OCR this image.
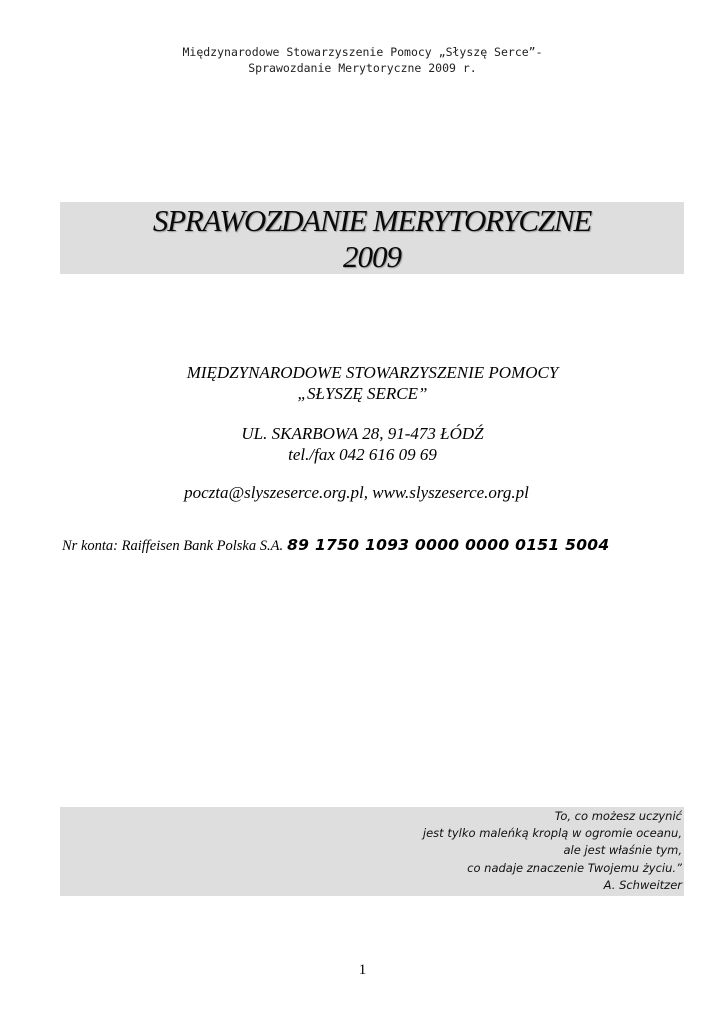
Międzynarodowe Stowarzyszenie Pomocy „Słyszę Serce”-
Sprawozdanie Merytoryczne 2009 r.
SPRAWOZDANIE MERYTORYCZNE
2009
MIĘDZYNARODOWE STOWARZYSZENIE POMOCY
„SŁYSZĘ SERCE”
UL. SKARBOWA 28, 91-473 ŁÓDŹ
tel./fax 042 616 09 69
poczta@slyszeserce.org.pl, www.slyszeserce.org.pl
Nr konta: Raiffeisen Bank Polska S.A. 89 1750 1093 0000 0000 0151 5004
To, co możesz uczynić
jest tylko maleńką kroplą w ogromie oceanu,
ale jest właśnie tym,
co nadaje znaczenie Twojemu życiu.”
A. Schweitzer
1
